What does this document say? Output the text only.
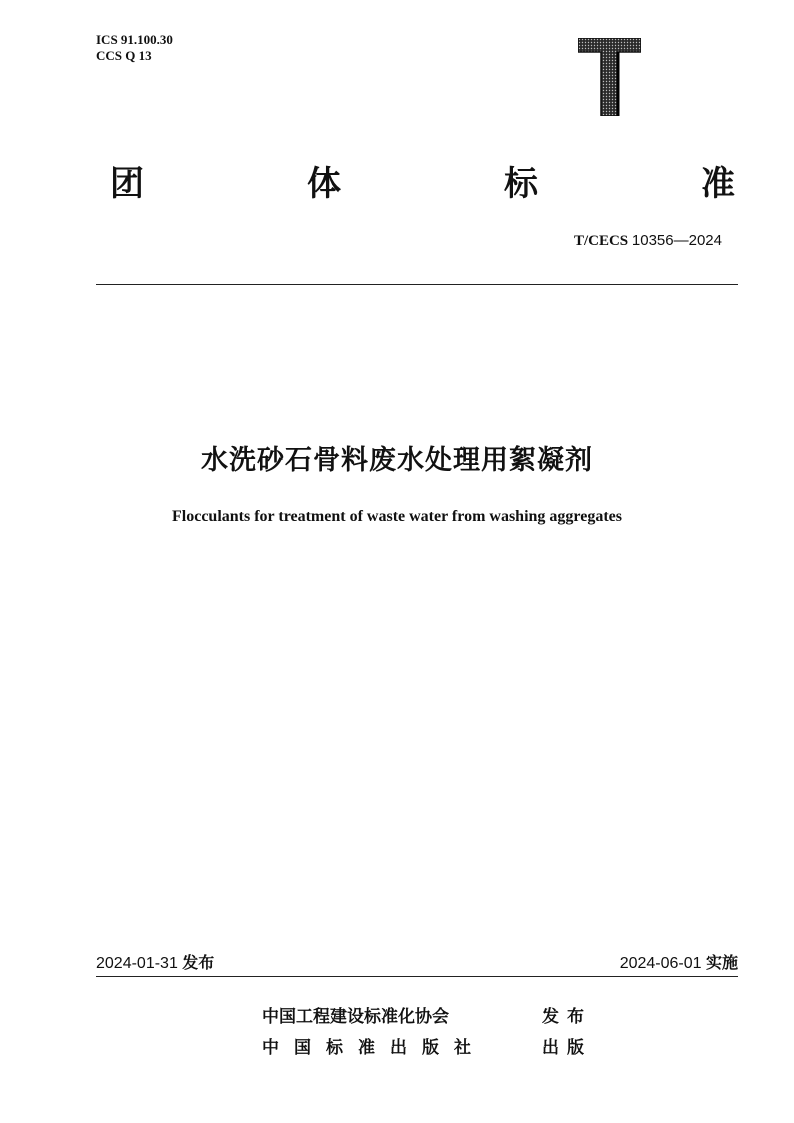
ICS 91.100.30
CCS Q 13
团	体	标	准
T/CECS 10356—2024
水洗砂石骨料废水处理用絮凝剂
Flocculants for treatment of waste water from washing aggregates
2024-01-31 发布	2024-06-01 实施
中国工程建设标准化协会	发布
中国标准出版社	出版
